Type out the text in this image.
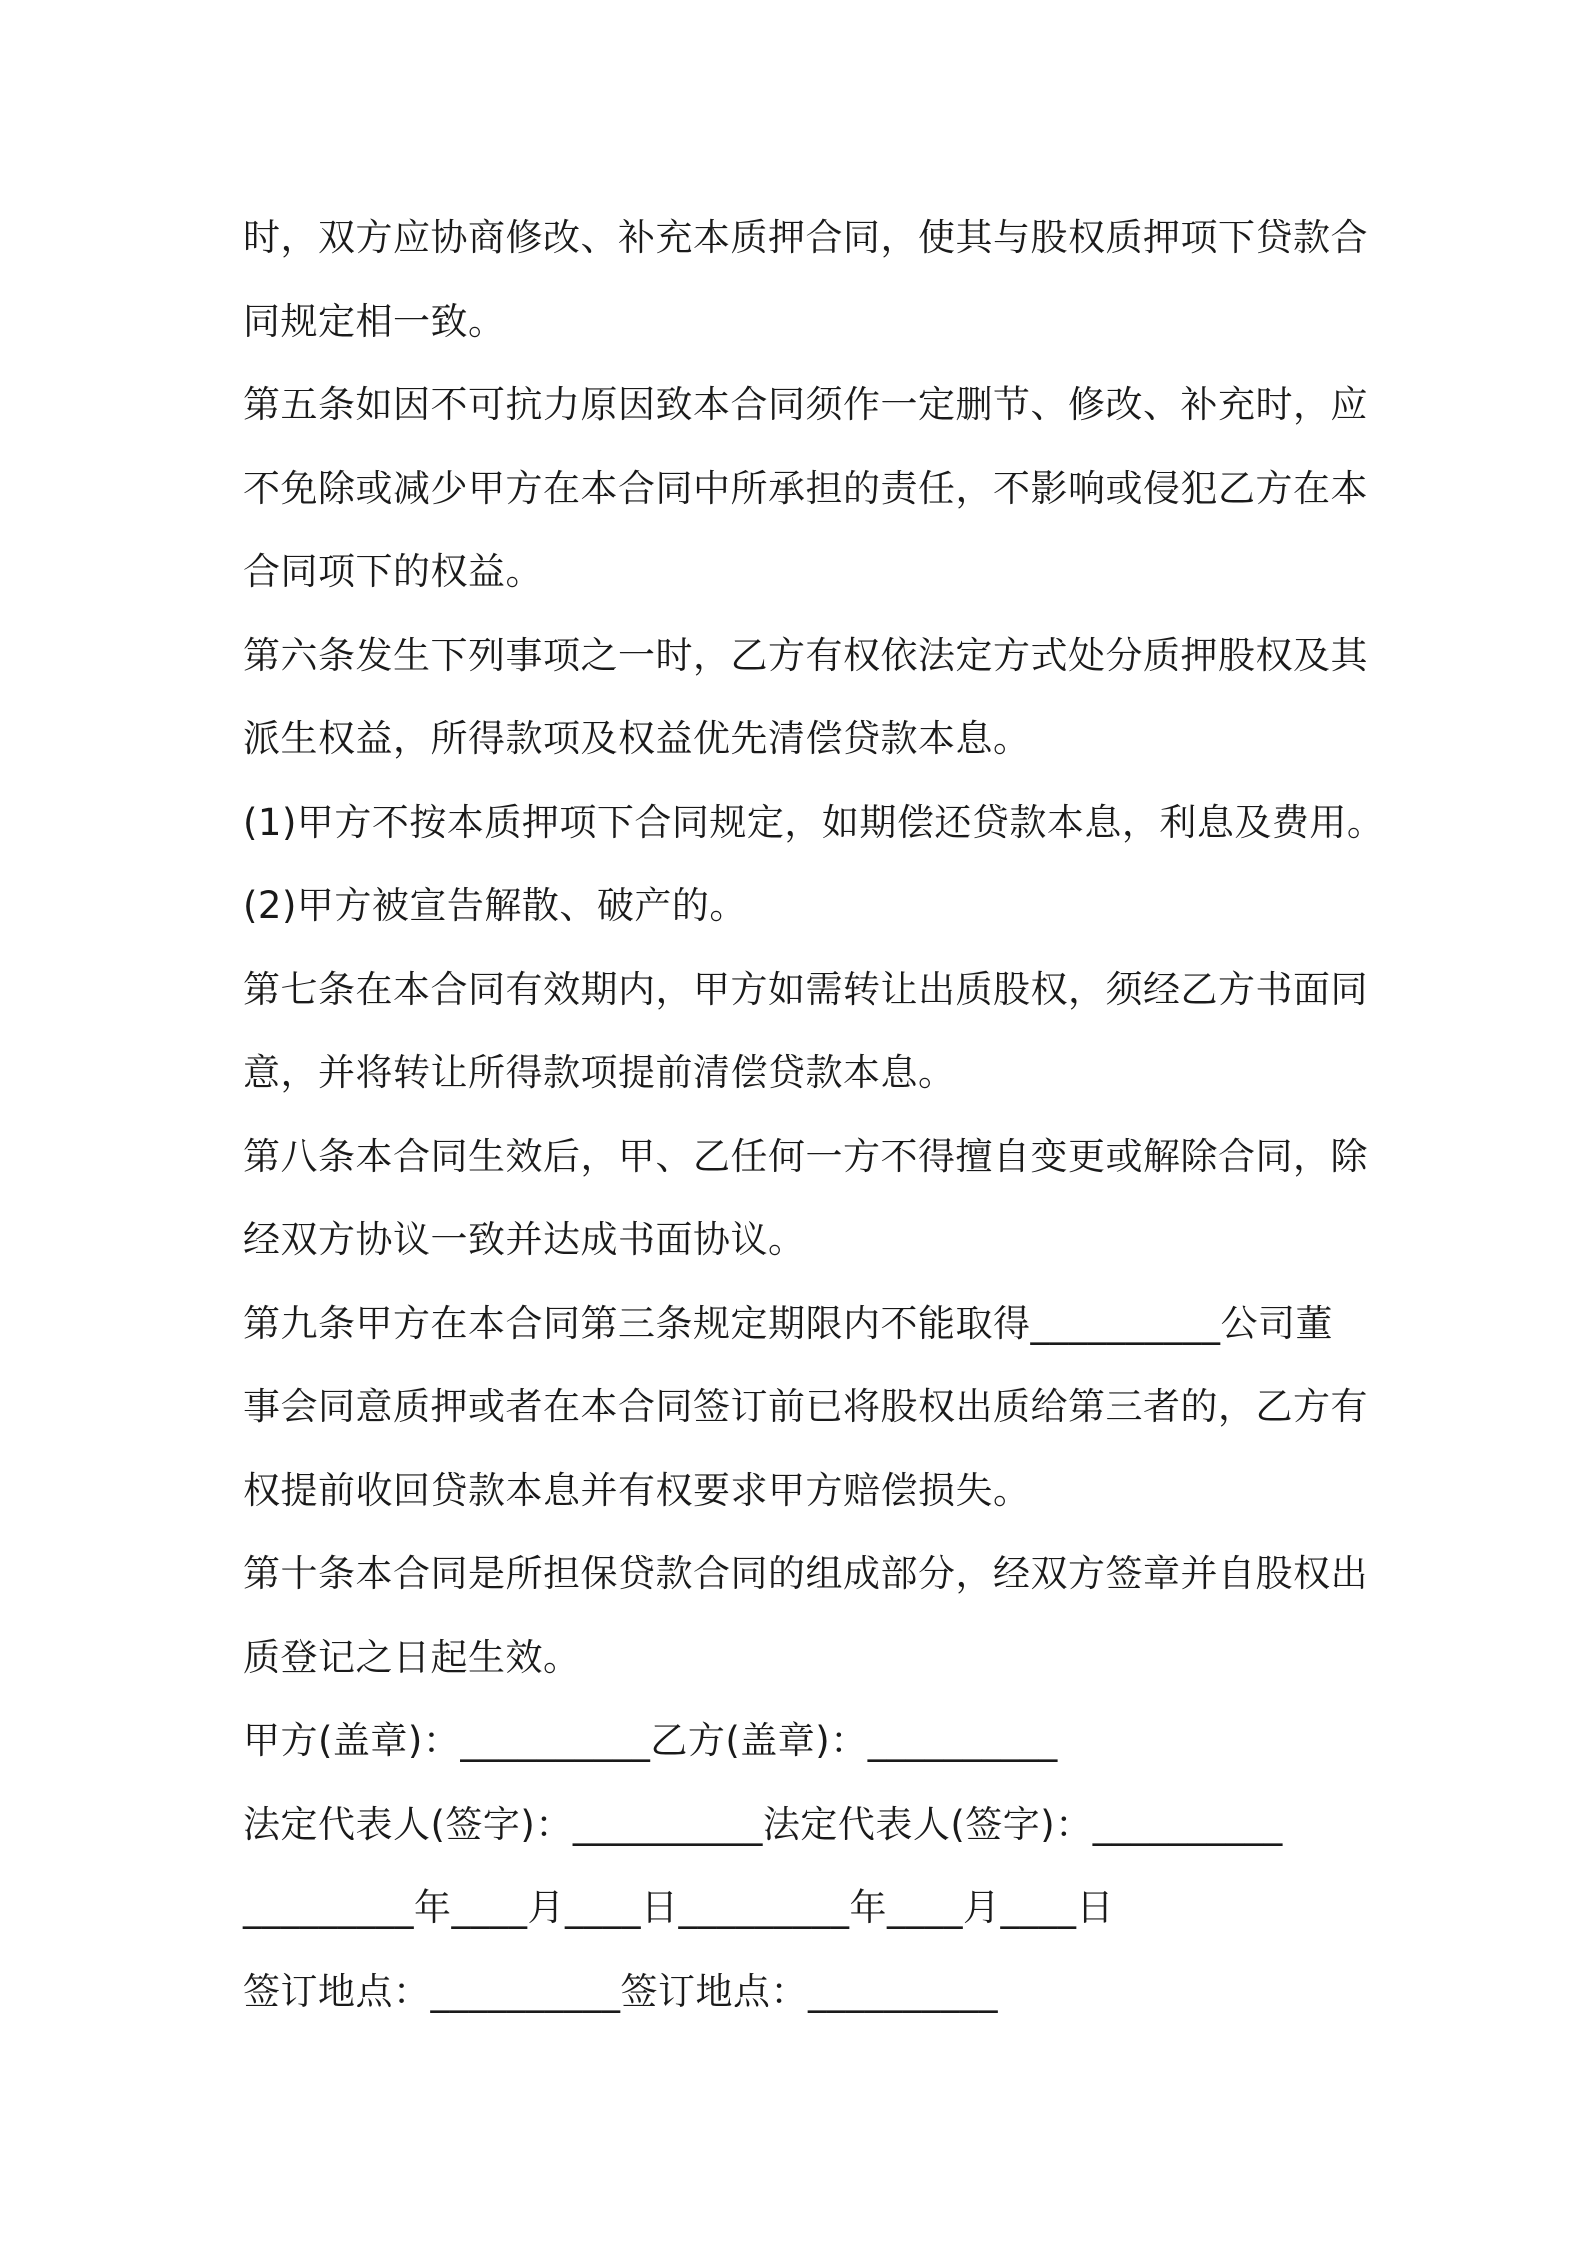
时，双方应协商修改、补充本质押合同，使其与股权质押项下贷款合
同规定相一致。
第五条如因不可抗力原因致本合同须作一定删节、修改、补充时，应
不免除或减少甲方在本合同中所承担的责任，不影响或侵犯乙方在本
合同项下的权益。
第六条发生下列事项之一时，乙方有权依法定方式处分质押股权及其
派生权益，所得款项及权益优先清偿贷款本息。
(1)甲方不按本质押项下合同规定，如期偿还贷款本息，利息及费用。
(2)甲方被宣告解散、破产的。
第七条在本合同有效期内，甲方如需转让出质股权，须经乙方书面同
意，并将转让所得款项提前清偿贷款本息。
第八条本合同生效后，甲、乙任何一方不得擅自变更或解除合同，除
经双方协议一致并达成书面协议。
第九条甲方在本合同第三条规定期限内不能取得__________公司董
事会同意质押或者在本合同签订前已将股权出质给第三者的，乙方有
权提前收回贷款本息并有权要求甲方赔偿损失。
第十条本合同是所担保贷款合同的组成部分，经双方签章并自股权出
质登记之日起生效。
甲方(盖章)：__________乙方(盖章)：__________
法定代表人(签字)：__________法定代表人(签字)：__________
_________年____月____日_________年____月____日
签订地点：__________签订地点：__________
